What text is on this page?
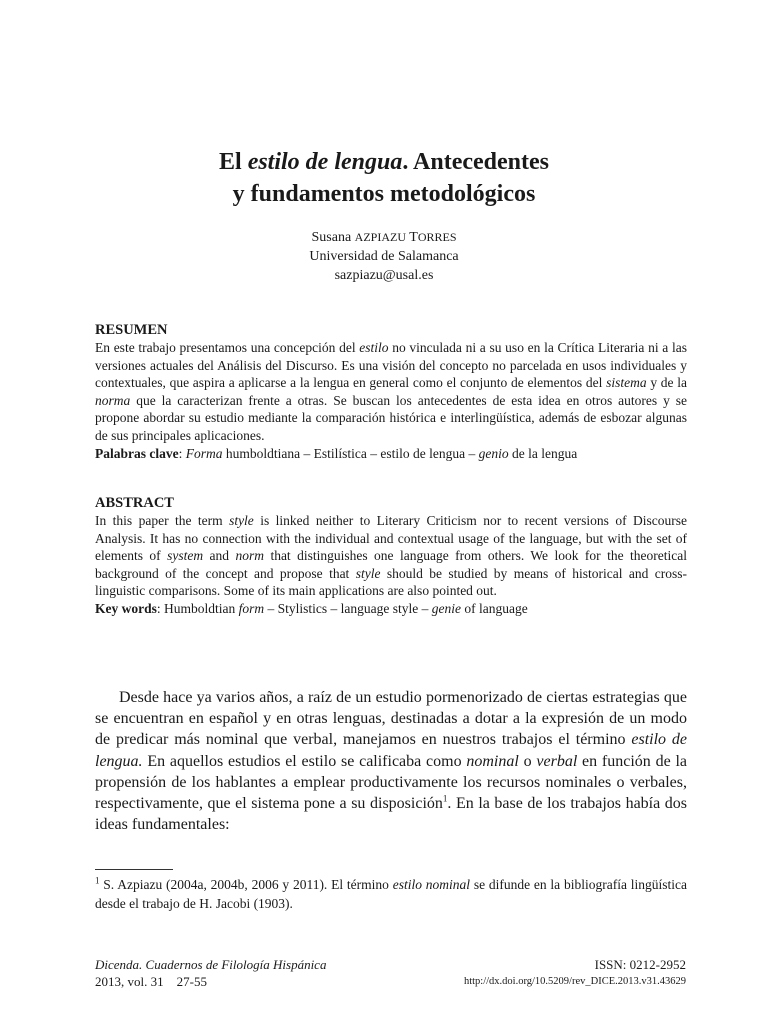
El estilo de lengua. Antecedentes
y fundamentos metodológicos
Susana AZPIAZU TORRES
Universidad de Salamanca
sazpiazu@usal.es
RESUMEN
En este trabajo presentamos una concepción del estilo no vinculada ni a su uso en la Crítica Literaria ni a las versiones actuales del Análisis del Discurso. Es una visión del concepto no parcelada en usos individuales y contextuales, que aspira a aplicarse a la lengua en general como el conjunto de elementos del sistema y de la norma que la caracterizan frente a otras. Se buscan los antecedentes de esta idea en otros autores y se propone abordar su estudio mediante la comparación histórica e interlingüística, además de esbozar algunas de sus principales aplicaciones.
Palabras clave: Forma humboldtiana – Estilística – estilo de lengua – genio de la lengua
ABSTRACT
In this paper the term style is linked neither to Literary Criticism nor to recent versions of Discourse Analysis. It has no connection with the individual and contextual usage of the language, but with the set of elements of system and norm that distinguishes one language from others. We look for the theoretical background of the concept and propose that style should be studied by means of historical and cross-linguistic comparisons. Some of its main applications are also pointed out.
Key words: Humboldtian form – Stylistics – language style – genie of language

Desde hace ya varios años, a raíz de un estudio pormenorizado de ciertas estrategias que se encuentran en español y en otras lenguas, destinadas a dotar a la expresión de un modo de predicar más nominal que verbal, manejamos en nuestros trabajos el término estilo de lengua. En aquellos estudios el estilo se calificaba como nominal o verbal en función de la propensión de los hablantes a emplear productivamente los recursos nominales o verbales, respectivamente, que el sistema pone a su disposición$^1$. En la base de los trabajos había dos ideas fundamentales:

$^1$ S. Azpiazu (2004a, 2004b, 2006 y 2011). El término estilo nominal se difunde en la bibliografía lingüística desde el trabajo de H. Jacobi (1903).
Dicenda. Cuadernos de Filología Hispánica
2013, vol. 31    27-55
ISSN: 0212-2952
http://dx.doi.org/10.5209/rev_DICE.2013.v31.43629
